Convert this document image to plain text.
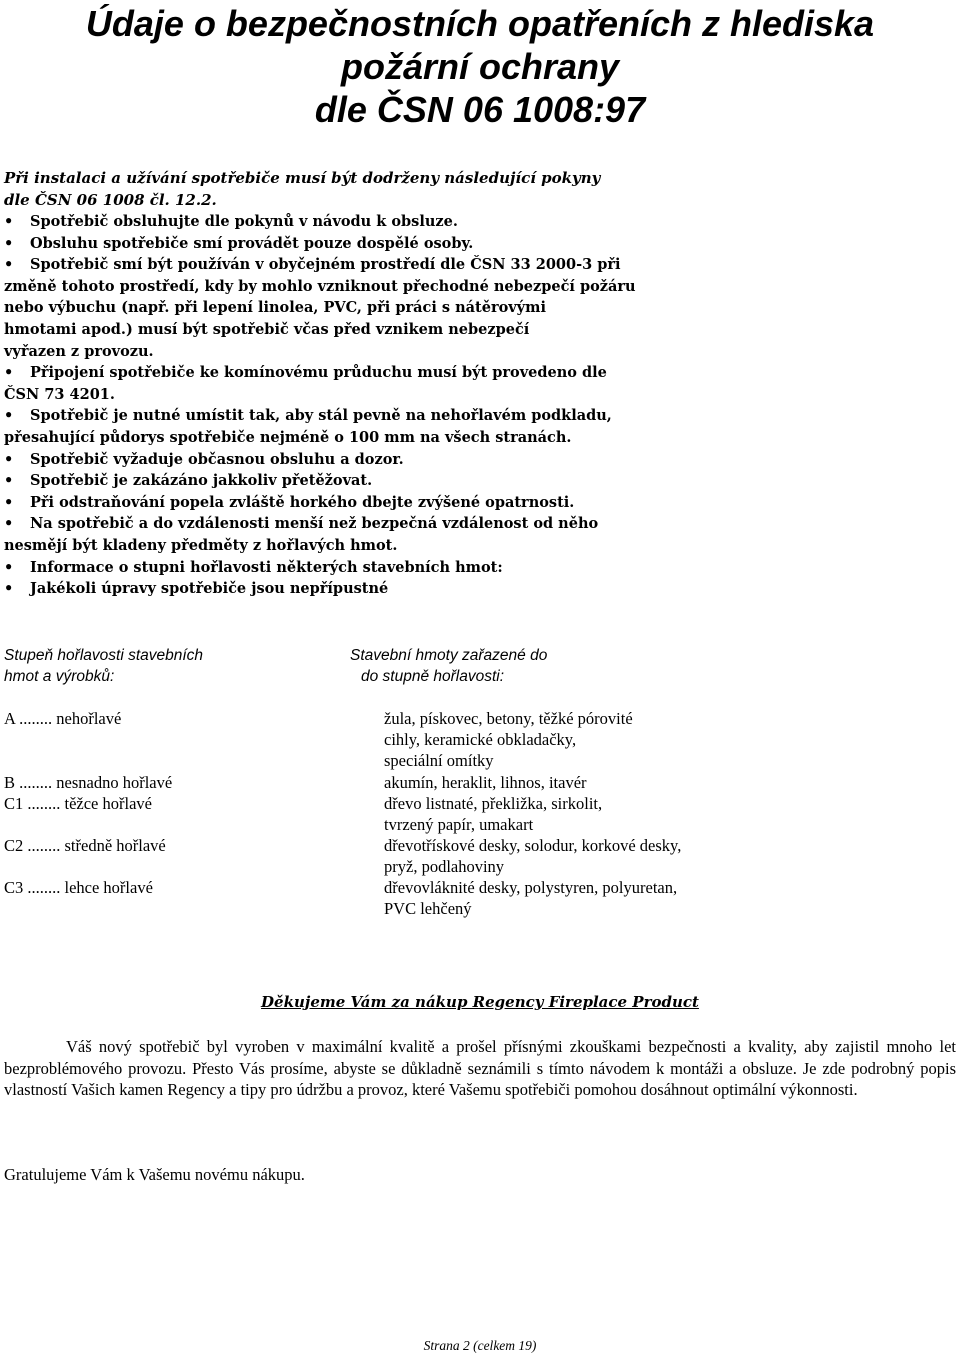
Údaje o bezpečnostních opatřeních z hlediska
požární ochrany
dle ČSN 06 1008:97

Při instalaci a užívání spotřebiče musí být dodrženy následující pokyny
dle ČSN 06 1008 čl. 12.2.

•	Spotřebič obsluhujte dle pokynů v návodu k obsluze.
•	Obsluhu spotřebiče smí provádět pouze dospělé osoby.
•	Spotřebič smí být používán v obyčejném prostředí dle ČSN 33 2000-3 při
změně tohoto prostředí, kdy by mohlo vzniknout přechodné nebezpečí požáru
nebo výbuchu (např. při lepení linolea, PVC, při práci s nátěrovými
hmotami apod.) musí být spotřebič včas před vznikem nebezpečí
vyřazen z provozu.
•	Připojení spotřebiče ke komínovému průduchu musí být provedeno dle
ČSN 73 4201.
•	Spotřebič je nutné umístit tak, aby stál pevně na nehořlavém podkladu,
přesahující půdorys spotřebiče nejméně o 100 mm na všech stranách.
•	Spotřebič vyžaduje občasnou obsluhu a dozor.
•	Spotřebič je zakázáno jakkoliv přetěžovat.
•	Při odstraňování popela zvláště horkého dbejte zvýšené opatrnosti.
•	Na spotřebič a do vzdálenosti menší než bezpečná vzdálenost od něho
nesmějí být kladeny předměty z hořlavých hmot.
•	Informace o stupni hořlavosti některých stavebních hmot:
•	Jakékoli úpravy spotřebiče jsou nepřípustné
Stupeň hořlavosti stavebních
hmot a výrobků:
Stavební hmoty zařazené do
do stupně hořlavosti:
A ........ nehořlavé	žula, pískovec, betony, těžké pórovité
cihly, keramické obkladačky,
speciální omítky
B ........ nesnadno hořlavé	akumín, heraklit, lihnos, itavér
C1 ........ těžce hořlavé	dřevo listnaté, překližka, sirkolit,
tvrzený papír, umakart
C2 ........ středně hořlavé	dřevotřískové desky, solodur, korkové desky,
pryž, podlahoviny
C3 ........ lehce hořlavé	dřevovláknité desky, polystyren, polyuretan,
PVC lehčený

Děkujeme Vám za nákup Regency Fireplace Product

Váš nový spotřebič byl vyroben v maximální kvalitě a prošel přísnými zkouškami bezpečnosti a kvality, aby zajistil mnoho let bezproblémového provozu. Přesto Vás prosíme, abyste se důkladně seznámili s tímto návodem k montáži a obsluze. Je zde podrobný popis vlastností Vašich kamen Regency a tipy pro údržbu a provoz, které Vašemu spotřebiči pomohou dosáhnout optimální výkonnosti.

Gratulujeme Vám k Vašemu novému nákupu.

Strana 2 (celkem 19)
